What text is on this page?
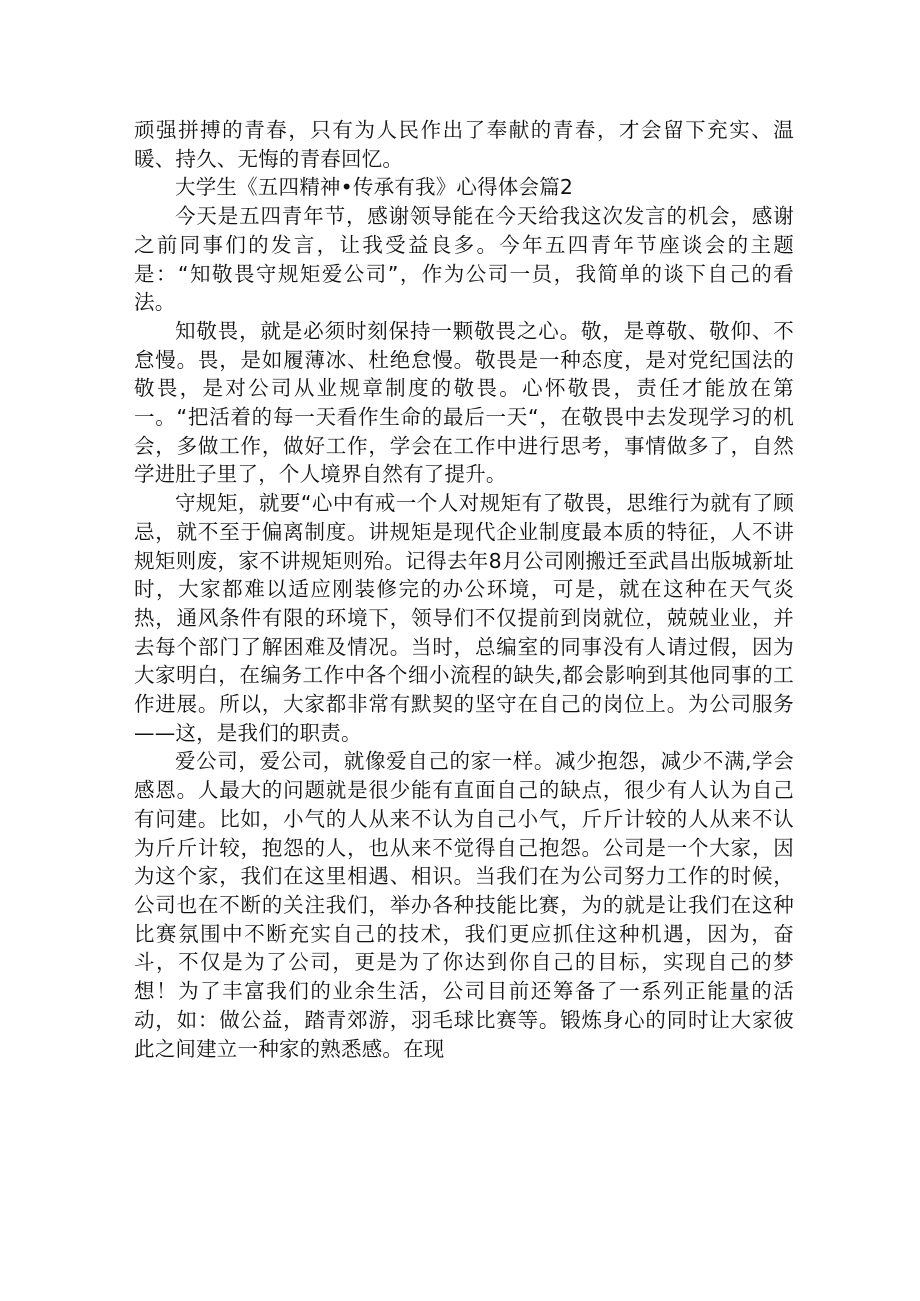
顽强拼搏的青春，只有为人民作出了奉献的青春，才会留下充实、温暖、持久、无悔的青春回忆。

大学生《五四精神•传承有我》心得体会篇2

今天是五四青年节，感谢领导能在今天给我这次发言的机会，感谢之前同事们的发言，让我受益良多。今年五四青年节座谈会的主题是：“知敬畏守规矩爱公司”，作为公司一员，我简单的谈下自己的看法。

知敬畏，就是必须时刻保持一颗敬畏之心。敬，是尊敬、敬仰、不怠慢。畏，是如履薄冰、杜绝怠慢。敬畏是一种态度，是对党纪国法的敬畏，是对公司从业规章制度的敬畏。心怀敬畏，责任才能放在第一。“把活着的每一天看作生命的最后一天“，在敬畏中去发现学习的机会，多做工作，做好工作，学会在工作中进行思考，事情做多了，自然学进肚子里了，个人境界自然有了提升。

守规矩，就要“心中有戒一个人对规矩有了敬畏，思维行为就有了顾忌，就不至于偏离制度。讲规矩是现代企业制度最本质的特征，人不讲规矩则废，家不讲规矩则殆。记得去年8月公司刚搬迁至武昌出版城新址时，大家都难以适应刚装修完的办公环境，可是，就在这种在天气炎热，通风条件有限的环境下，领导们不仅提前到岗就位，兢兢业业，并去每个部门了解困难及情况。当时，总编室的同事没有人请过假，因为大家明白，在编务工作中各个细小流程的缺失,都会影响到其他同事的工作进展。所以，大家都非常有默契的坚守在自己的岗位上。为公司服务——这，是我们的职责。

爱公司，爱公司，就像爱自己的家一样。减少抱怨，减少不满,学会感恩。人最大的问题就是很少能有直面自己的缺点，很少有人认为自己有问建。比如，小气的人从来不认为自己小气，斤斤计较的人从来不认为斤斤计较，抱怨的人，也从来不觉得自己抱怨。公司是一个大家，因为这个家，我们在这里相遇、相识。当我们在为公司努力工作的时候，公司也在不断的关注我们，举办各种技能比赛，为的就是让我们在这种比赛氛围中不断充实自己的技术，我们更应抓住这种机遇，因为，奋斗，不仅是为了公司，更是为了你达到你自己的目标，实现自己的梦想！为了丰富我们的业余生活，公司目前还筹备了一系列正能量的活动，如：做公益，踏青郊游，羽毛球比赛等。锻炼身心的同时让大家彼此之间建立一种家的熟悉感。在现
